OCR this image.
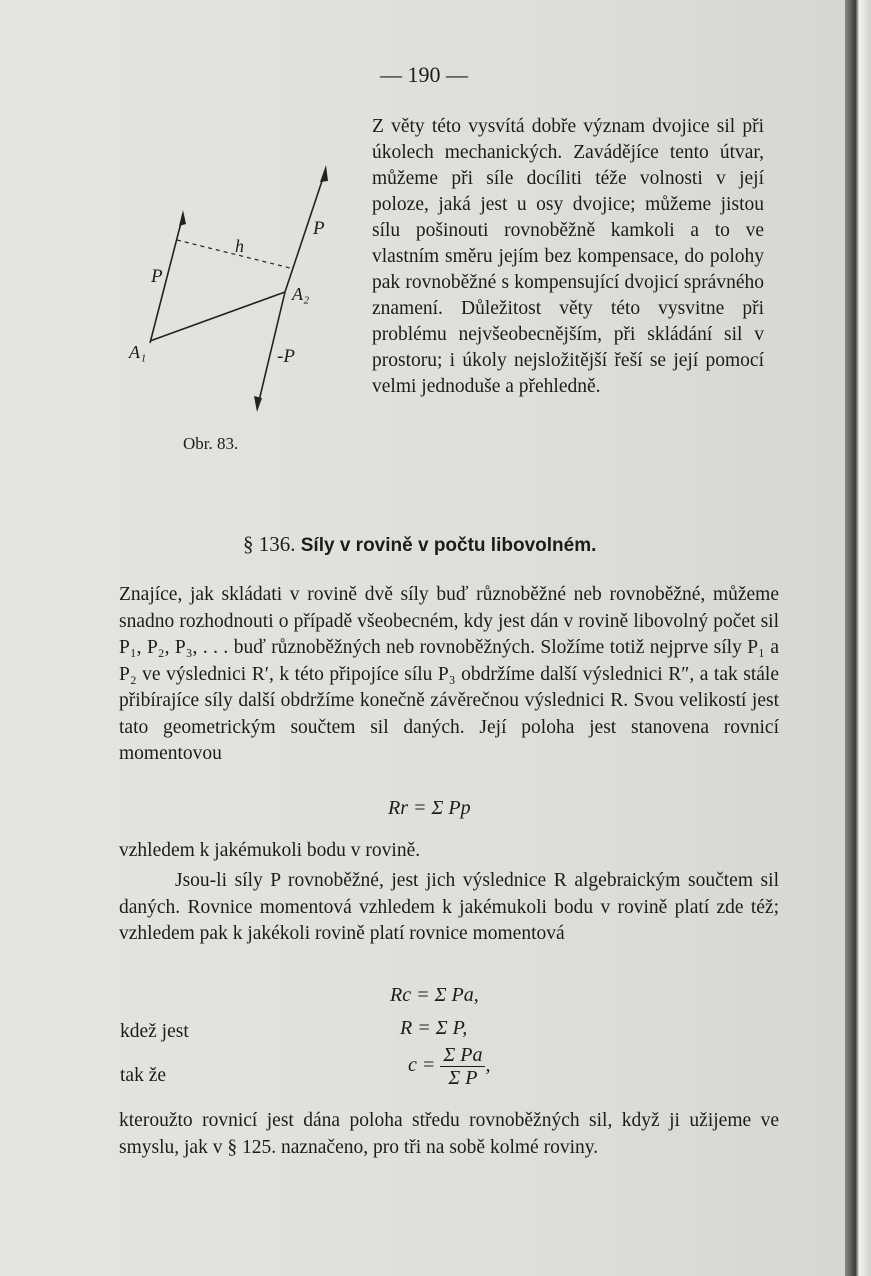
— 190 —
P
A₁
h
P
A₂
-P
Obr. 83.
Z věty této vysvítá dobře význam dvojice sil při úkolech mechanických. Zavádějíce tento útvar, můžeme při síle docíliti téže volnosti v její poloze, jaká jest u osy dvojice; můžeme jistou sílu pošinouti rovnoběžně kamkoli a to ve vlastním směru jejím bez kompensace, do polohy pak rovnoběžné s kompensující dvojicí správného znamení. Důležitost věty této vysvitne při problému nejvšeobecnějším, při skládání sil v prostoru; i úkoly nejsložitější řeší se její pomocí velmi jednoduše a přehledně.
§ 136. Síly v rovině v počtu libovolném.
Znajíce, jak skládati v rovině dvě síly buď různoběžné neb rovnoběžné, můžeme snadno rozhodnouti o případě všeobecném, kdy jest dán v rovině libovolný počet sil P₁, P₂, P₃, . . . buď různoběžných neb rovnoběžných. Složíme totiž nejprve síly P₁ a P₂ ve výslednici R′, k této připojíce sílu P₃ obdržíme další výslednici R″, a tak stále přibírajíce síly další obdržíme konečně závěrečnou výslednici R. Svou velikostí jest tato geometrickým součtem sil daných. Její poloha jest stanovena rovnicí momentovou
Rr = Σ Pp
vzhledem k jakémukoli bodu v rovině.
Jsou-li síly P rovnoběžné, jest jich výslednice R algebraickým součtem sil daných. Rovnice momentová vzhledem k jakémukoli bodu v rovině platí zde též; vzhledem pak k jakékoli rovině platí rovnice momentová
Rc = Σ Pa,
kdež jest	R = Σ P,
tak že	$c = \frac{\text{Σ Pa}}{\text{Σ P}}$ ,
kteroužto rovnicí jest dána poloha středu rovnoběžných sil, když ji užijeme ve smyslu, jak v § 125. naznačeno, pro tři na sobě kolmé roviny.
